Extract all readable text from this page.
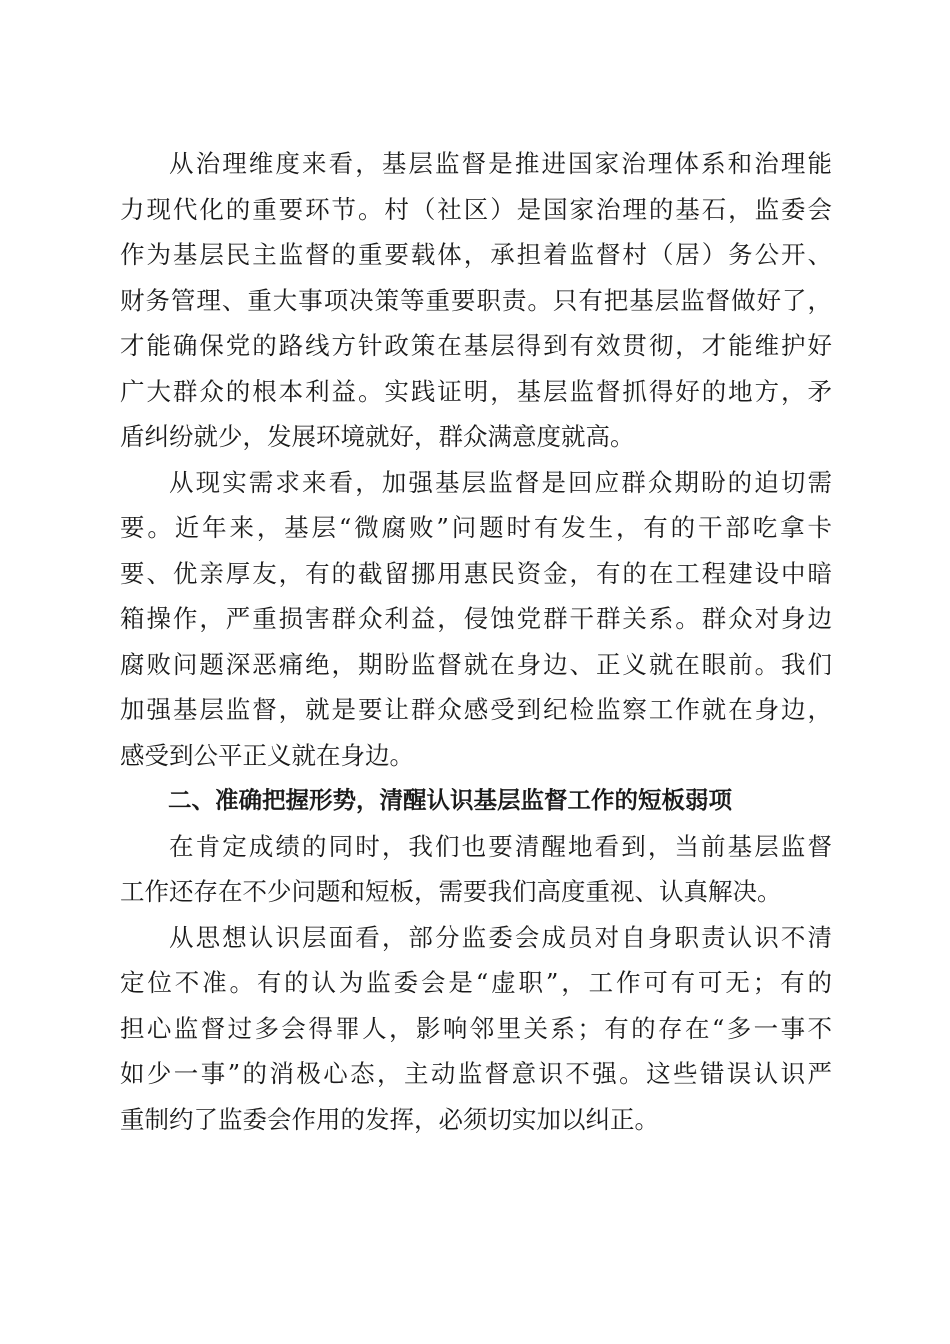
从治理维度来看，基层监督是推进国家治理体系和治理能
力现代化的重要环节。村（社区）是国家治理的基石，监委会
作为基层民主监督的重要载体，承担着监督村（居）务公开、
财务管理、重大事项决策等重要职责。只有把基层监督做好了，
才能确保党的路线方针政策在基层得到有效贯彻，才能维护好
广大群众的根本利益。实践证明，基层监督抓得好的地方，矛
盾纠纷就少，发展环境就好，群众满意度就高。
从现实需求来看，加强基层监督是回应群众期盼的迫切需
要。近年来，基层“微腐败”问题时有发生，有的干部吃拿卡
要、优亲厚友，有的截留挪用惠民资金，有的在工程建设中暗
箱操作，严重损害群众利益，侵蚀党群干群关系。群众对身边
腐败问题深恶痛绝，期盼监督就在身边、正义就在眼前。我们
加强基层监督，就是要让群众感受到纪检监察工作就在身边，
感受到公平正义就在身边。
二、准确把握形势，清醒认识基层监督工作的短板弱项
在肯定成绩的同时，我们也要清醒地看到，当前基层监督
工作还存在不少问题和短板，需要我们高度重视、认真解决。
从思想认识层面看，部分监委会成员对自身职责认识不清
定位不准。有的认为监委会是“虚职”，工作可有可无；有的
担心监督过多会得罪人，影响邻里关系；有的存在“多一事不
如少一事”的消极心态，主动监督意识不强。这些错误认识严
重制约了监委会作用的发挥，必须切实加以纠正。
